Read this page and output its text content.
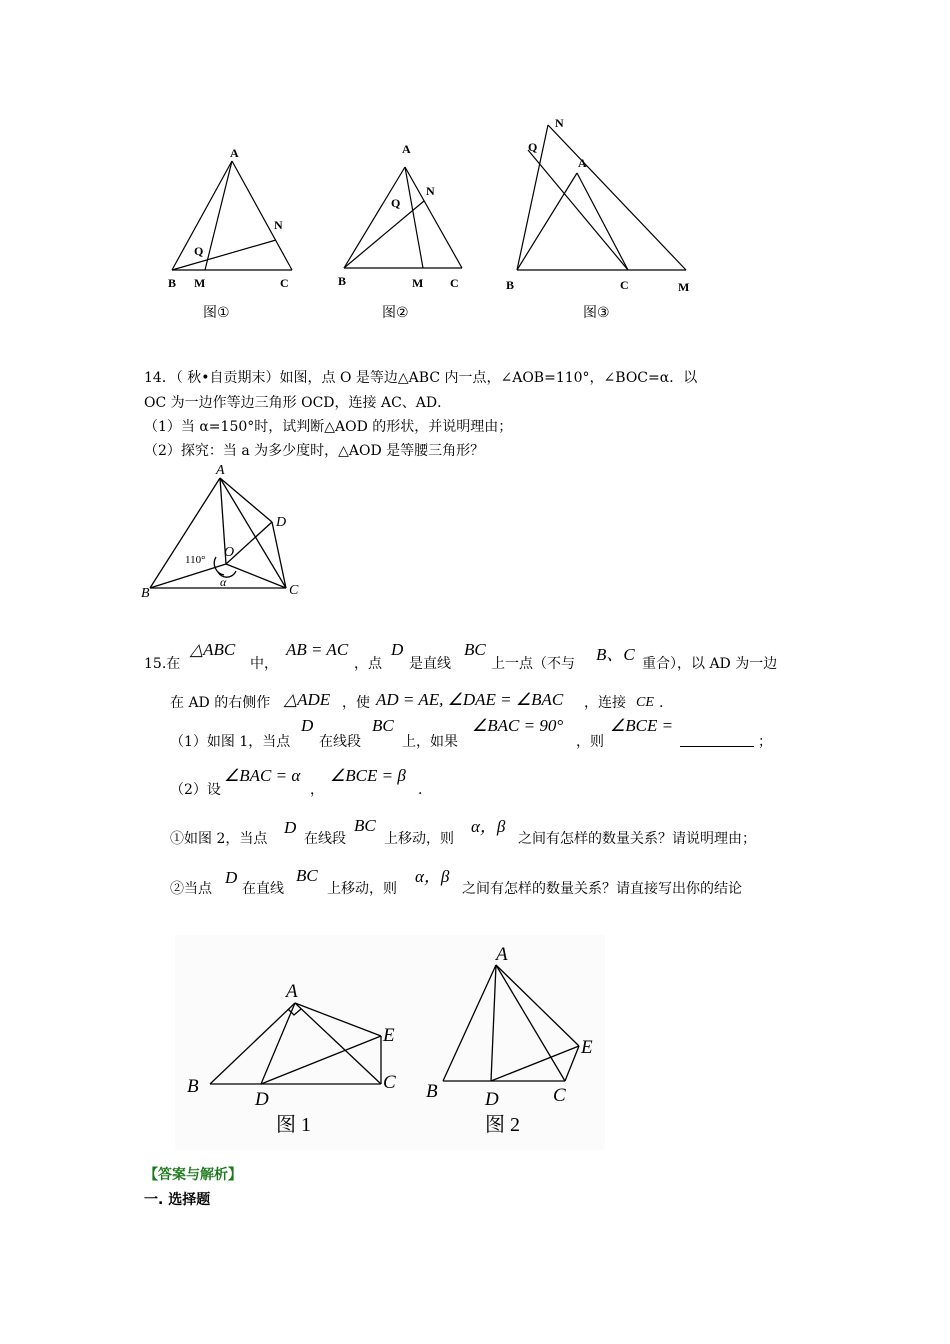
A
B	C
M
N
Q
A
B	C
M
N
Q
A
B	C	M
N
Q
图①	图②	图③
14．（ 秋•自贡期末）如图，点 O 是等边△ABC 内一点，∠AOB=110°，∠BOC=α．以
OC 为一边作等边三角形 OCD，连接 AC、AD．
（1）当 α=150°时，试判断△AOD 的形状，并说明理由；
（2）探究：当 a 为多少度时，△AOD 是等腰三角形？
A
B	C
D
O
α
110°
15.在
△ABC
中，
AB = AC
，点
D
是直线
BC
上一点（不与 B、C 重合），以 AD 为一边
在 AD 的右侧作 △ADE ，使 AD = AE, ∠DAE = ∠BAC ，连接 CE .
（1）如图 1，当点
D
在线段
BC
上，如果
∠BAC = 90°
，则
∠BCE =
；
（2）设
∠BAC = α
，
∠BCE = β
.
①如图 2，当点
D
在线段
BC
上移动，则
α，β
之间有怎样的数量关系？请说明理由；
②当点
D
在直线
BC
上移动，则
α，β
之间有怎样的数量关系？请直接写出你的结论
A
B	C
D
E
A
B	C
D
E
图 1	图 2
【答案与解析】
一. 选择题
